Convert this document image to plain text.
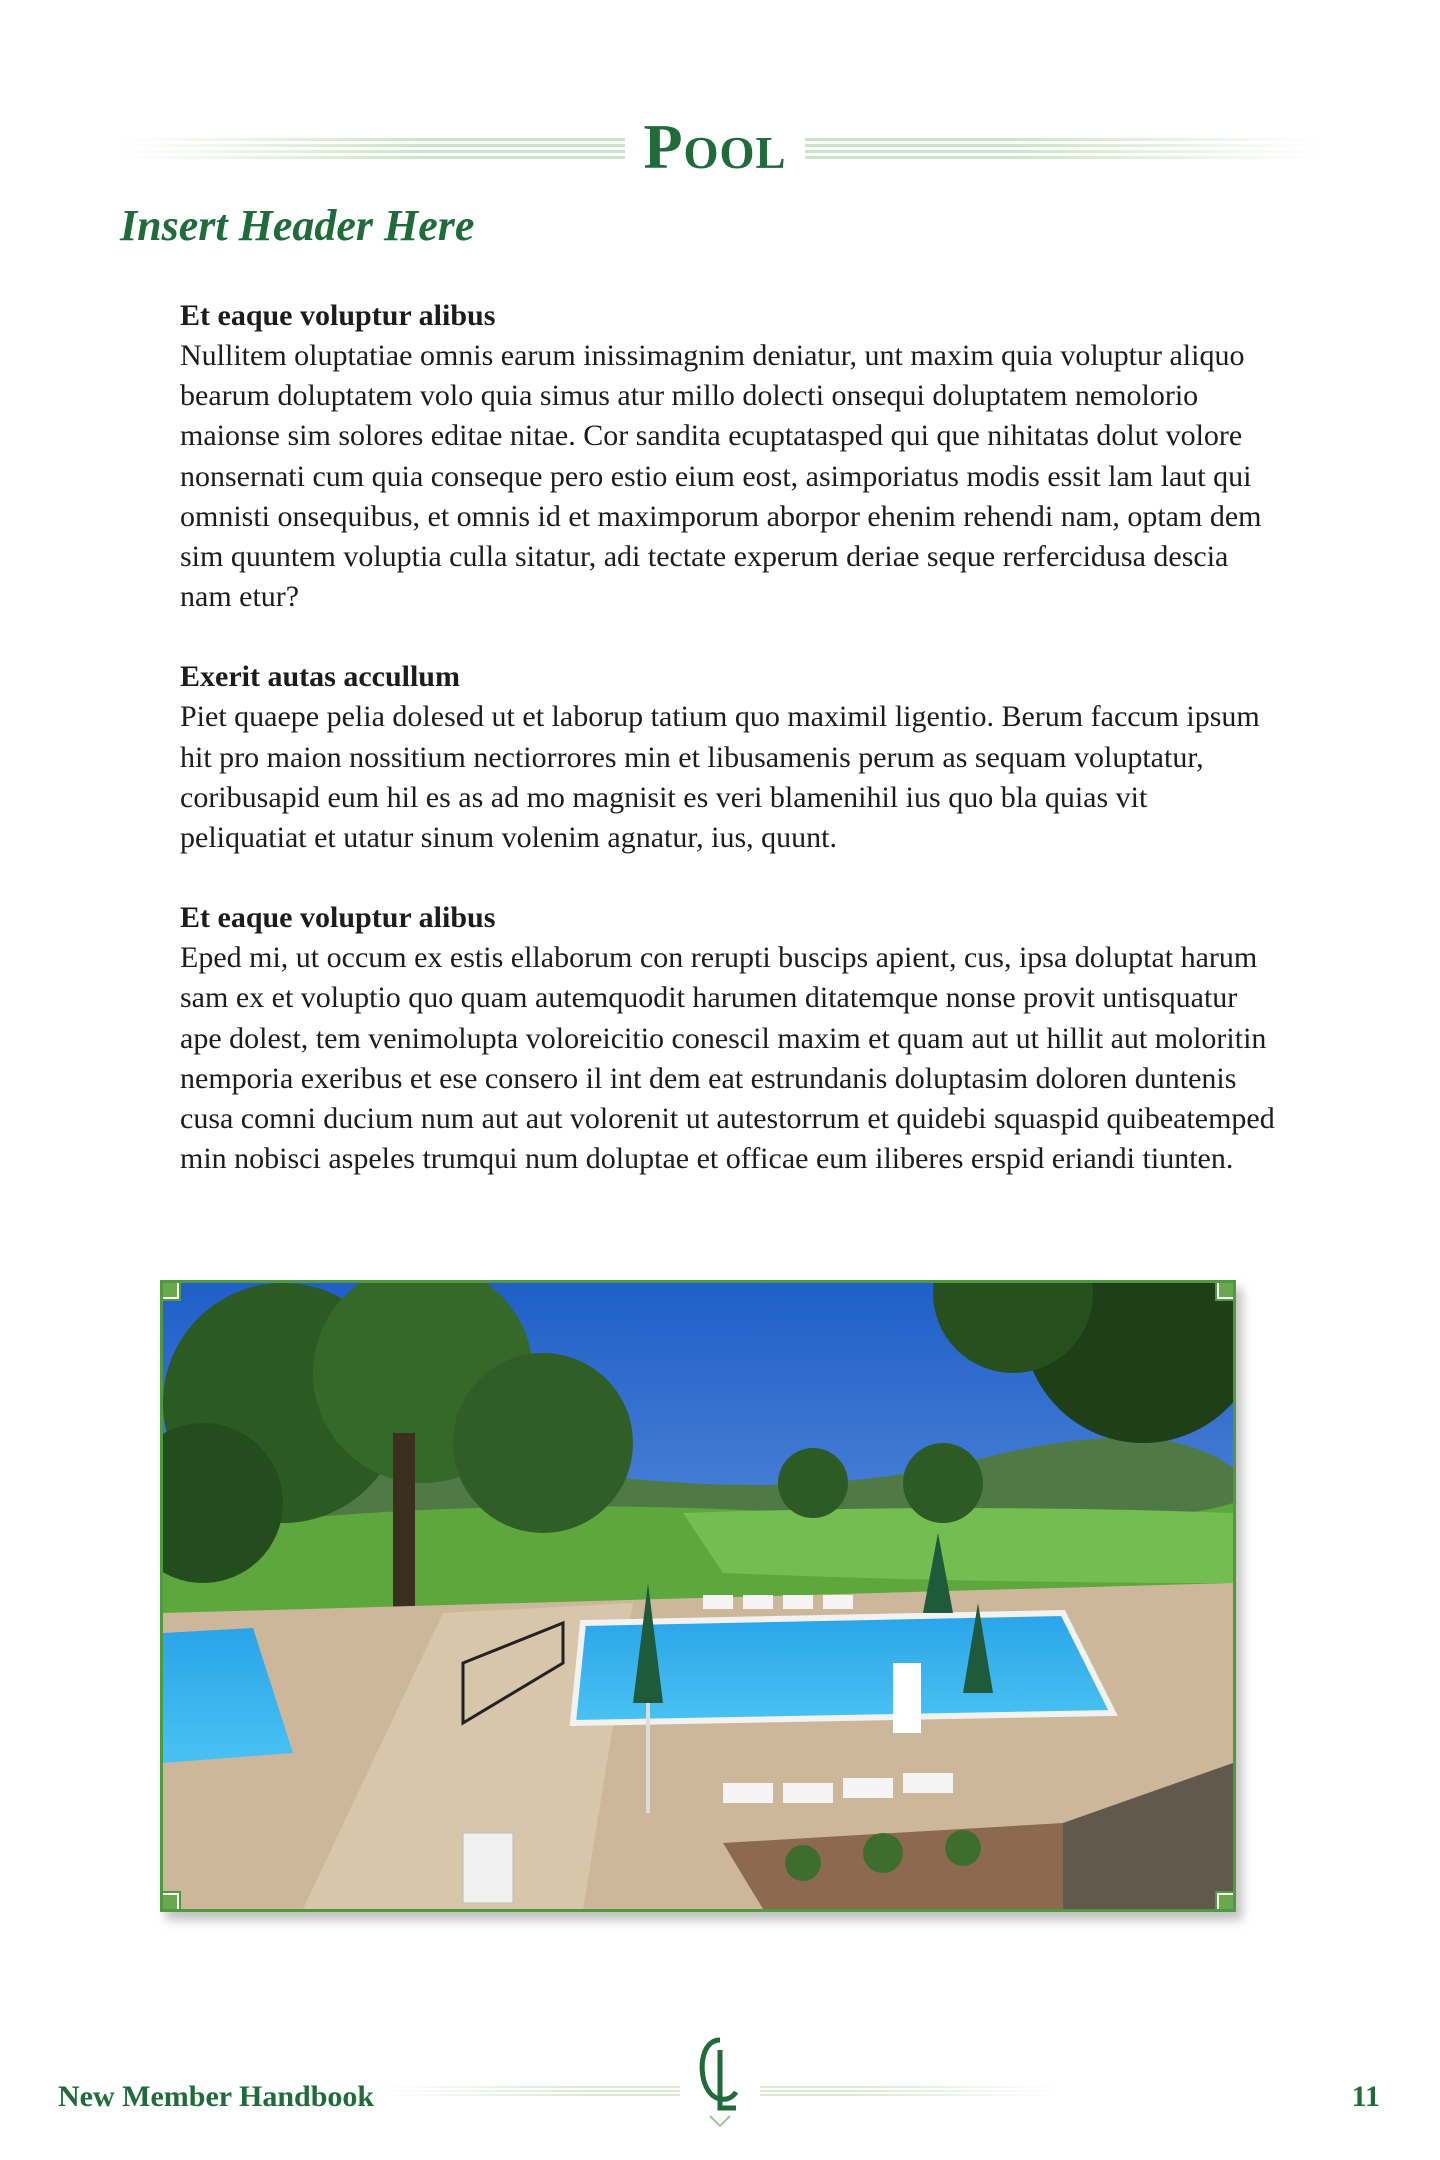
Pool
Insert Header Here
Et eaque voluptur alibus
Nullitem oluptatiae omnis earum inissimagnim deniatur, unt maxim quia voluptur aliquo bearum doluptatem volo quia simus atur millo dolecti onsequi doluptatem nemolorio maionse sim solores editae nitae. Cor sandita ecuptatasped qui que nihitatas dolut volore nonsernati cum quia conseque pero estio eium eost, asimporiatus modis essit lam laut qui omnisti onsequibus, et omnis id et maximporum aborpor ehenim rehendi nam, optam dem sim quuntem voluptia culla sitatur, adi tectate experum deriae seque rerfercidusa descia nam etur?
Exerit autas accullum
Piet quaepe pelia dolesed ut et laborup tatium quo maximil ligentio. Berum faccum ipsum hit pro maion nossitium nectiorrores min et libusamenis perum as sequam voluptatur, coribusapid eum hil es as ad mo magnisit es veri blamenihil ius quo bla quias vit peliquatiat et utatur sinum volenim agnatur, ius, quunt.
Et eaque voluptur alibus
Eped mi, ut occum ex estis ellaborum con rerupti buscips apient, cus, ipsa doluptat harum sam ex et voluptio quo quam autemquodit harumen ditatemque nonse provit untisquatur ape dolest, tem venimolupta voloreicitio conescil maxim et quam aut ut hillit aut moloritin nemporia exeribus et ese consero il int dem eat estrundanis doluptasim doloren duntenis cusa comni ducium num aut aut volorenit ut autestorrum et quidebi squaspid quibeatemped min nobisci aspeles trumqui num doluptae et officae eum iliberes erspid eriandi tiunten.
New Member Handbook	11
